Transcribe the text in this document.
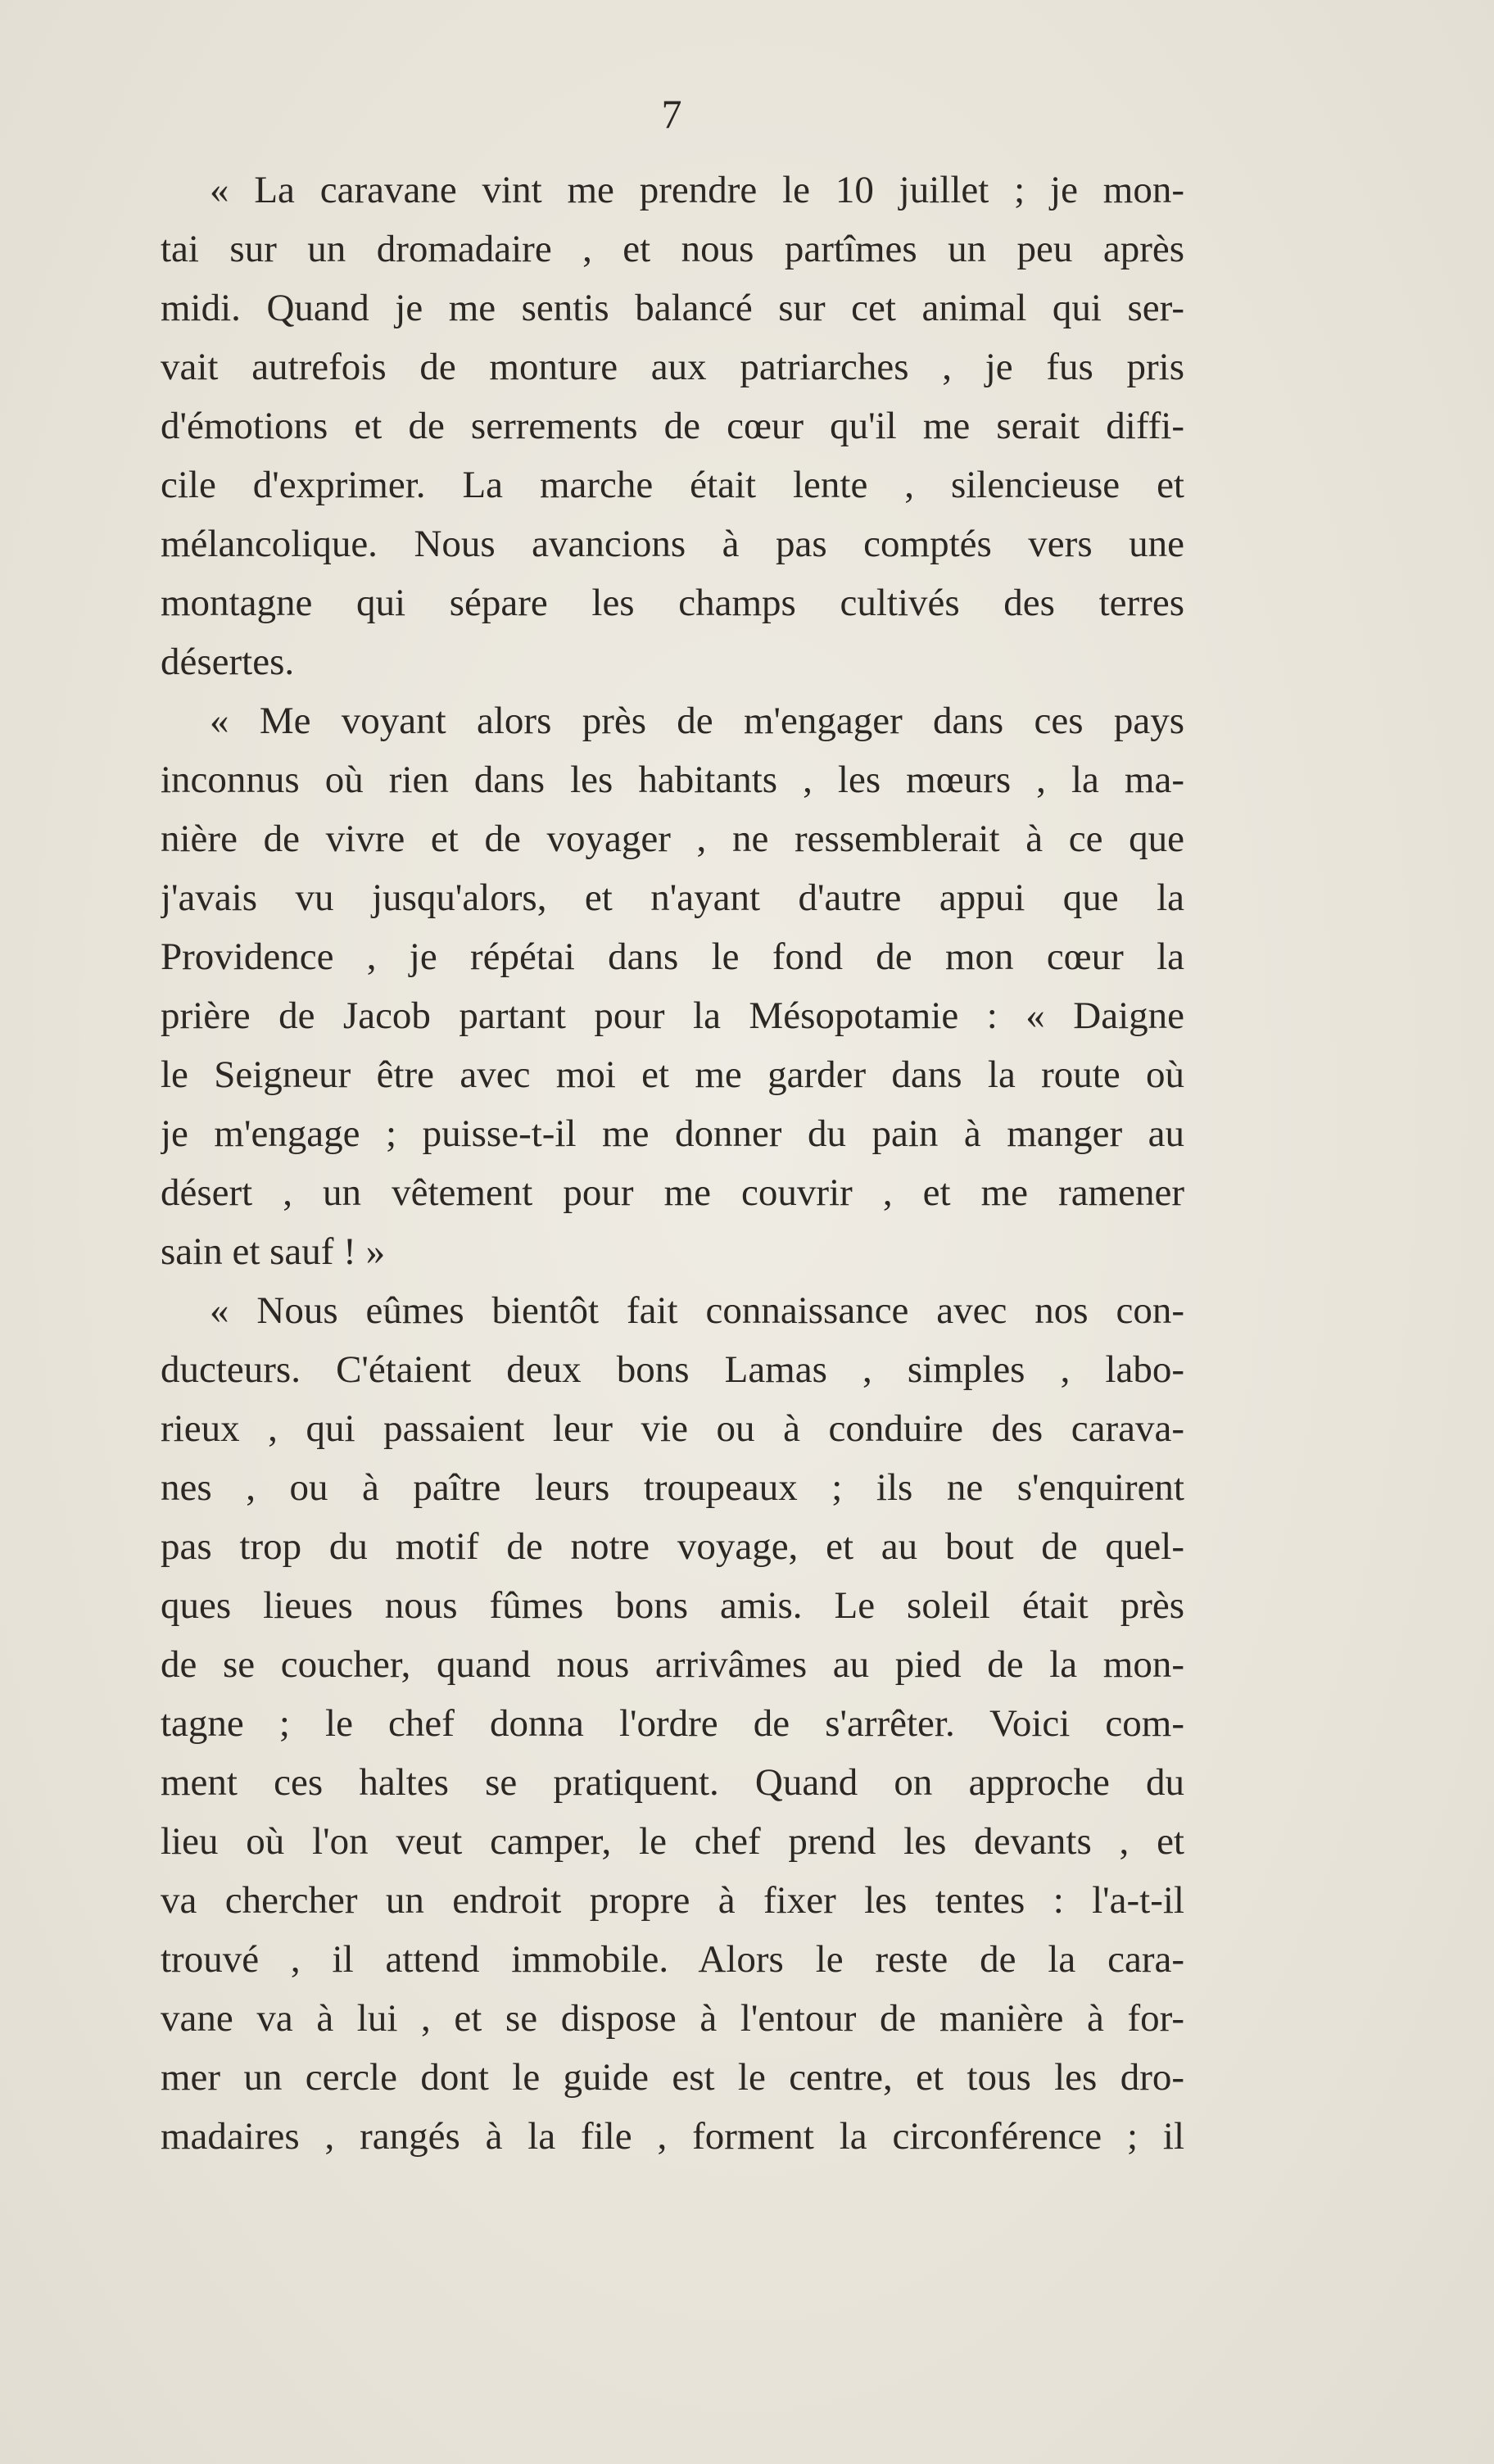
7
« La caravane vint me prendre le 10 juillet ; je mon-
tai sur un dromadaire , et nous partîmes un peu après
midi. Quand je me sentis balancé sur cet animal qui ser-
vait autrefois de monture aux patriarches , je fus pris
d'émotions et de serrements de cœur qu'il me serait diffi-
cile d'exprimer. La marche était lente , silencieuse et
mélancolique. Nous avancions à pas comptés vers une
montagne qui sépare les champs cultivés des terres
désertes.
« Me voyant alors près de m'engager dans ces pays
inconnus où rien dans les habitants , les mœurs , la ma-
nière de vivre et de voyager , ne ressemblerait à ce que
j'avais vu jusqu'alors, et n'ayant d'autre appui que la
Providence , je répétai dans le fond de mon cœur la
prière de Jacob partant pour la Mésopotamie : « Daigne
le Seigneur être avec moi et me garder dans la route où
je m'engage ; puisse-t-il me donner du pain à manger au
désert , un vêtement pour me couvrir , et me ramener
sain et sauf ! »
« Nous eûmes bientôt fait connaissance avec nos con-
ducteurs. C'étaient deux bons Lamas , simples , labo-
rieux , qui passaient leur vie ou à conduire des carava-
nes , ou à paître leurs troupeaux ; ils ne s'enquirent
pas trop du motif de notre voyage, et au bout de quel-
ques lieues nous fûmes bons amis. Le soleil était près
de se coucher, quand nous arrivâmes au pied de la mon-
tagne ; le chef donna l'ordre de s'arrêter. Voici com-
ment ces haltes se pratiquent. Quand on approche du
lieu où l'on veut camper, le chef prend les devants , et
va chercher un endroit propre à fixer les tentes : l'a-t-il
trouvé , il attend immobile. Alors le reste de la cara-
vane va à lui , et se dispose à l'entour de manière à for-
mer un cercle dont le guide est le centre, et tous les dro-
madaires , rangés à la file , forment la circonférence ; il
